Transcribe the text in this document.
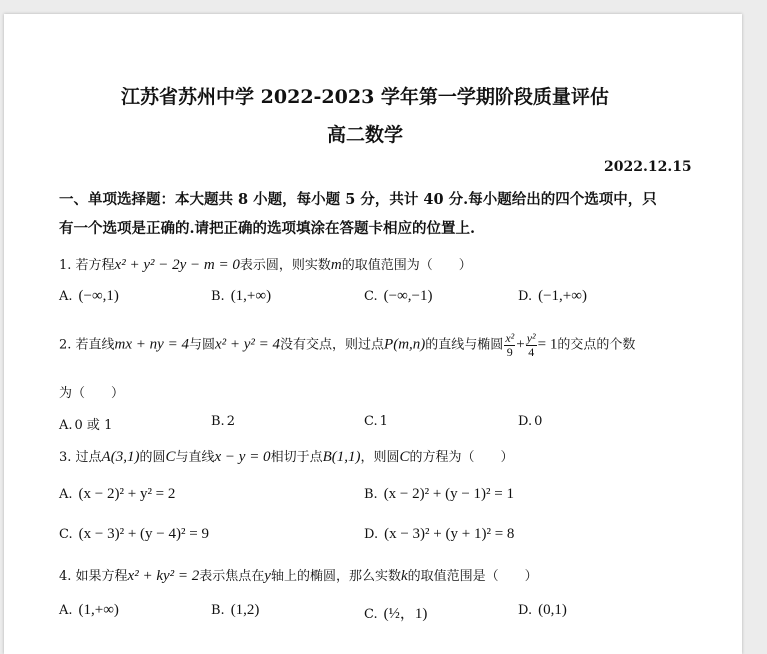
江苏省苏州中学 2022-2023 学年第一学期阶段质量评估
高二数学
2022.12.15
一、单项选择题：本大题共 8 小题，每小题 5 分，共计 40 分.每小题给出的四个选项中，只
有一个选项是正确的.请把正确的选项填涂在答题卡相应的位置上.
1. 若方程x² + y² − 2y − m = 0表示圆，则实数m的取值范围为（　　）
A. (−∞,1)	B. (1,+∞)	C. (−∞,−1)	D. (−1,+∞)
2. 若直线mx + ny = 4与圆x² + y² = 4没有交点，则过点P(m,n)的直线与椭圆 $\frac{\text{x²}}{9} + \frac{\text{y²}}{4} = 1$的交点的个数
为（　　）
A. 0 或 1	B. 2	C. 1	D. 0
3. 过点A(3,1)的圆C与直线x − y = 0相切于点B(1,1)，则圆C的方程为（　　）
A. (x − 2)² + y² = 2	B. (x − 2)² + (y − 1)² = 1
C. (x − 3)² + (y − 4)² = 9	D. (x − 3)² + (y + 1)² = 8
4. 如果方程x² + ky² = 2表示焦点在y轴上的椭圆，那么实数k的取值范围是（　　）
A. (1,+∞)	B. (1,2)	C. (½，1)	D. (0,1)
